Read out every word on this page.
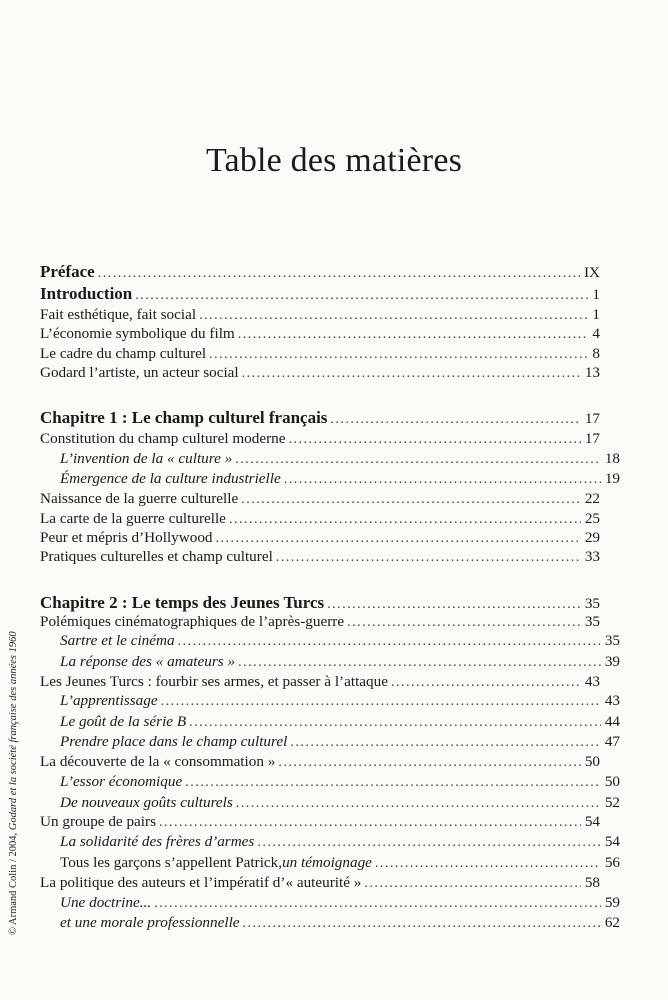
Table des matières
Préface . . .	IX
Introduction . . .	1
Fait esthétique, fait social . . .	1
L’économie symbolique du film . . .	4
Le cadre du champ culturel . . .	8
Godard l’artiste, un acteur social . . .	13
Chapitre 1 : Le champ culturel français . . .	17
Constitution du champ culturel moderne . . .	17
L’invention de la « culture » . . .	18
Émergence de la culture industrielle . . .	19
Naissance de la guerre culturelle . . .	22
La carte de la guerre culturelle . . .	25
Peur et mépris d’Hollywood . . .	29
Pratiques culturelles et champ culturel . . .	33
Chapitre 2 : Le temps des Jeunes Turcs . . .	35
Polémiques cinématographiques de l’après-guerre . . .	35
Sartre et le cinéma . . .	35
La réponse des « amateurs » . . .	39
Les Jeunes Turcs : fourbir ses armes, et passer à l’attaque . . .	43
L’apprentissage . . .	43
Le goût de la série B . . .	44
Prendre place dans le champ culturel . . .	47
La découverte de la « consommation » . . .	50
L’essor économique . . .	50
De nouveaux goûts culturels . . .	52
Un groupe de pairs . . .	54
La solidarité des frères d’armes . . .	54
Tous les garçons s’appellent Patrick, un témoignage . . .	56
La politique des auteurs et l’impératif d’« auteurité » . . .	58
Une doctrine... . . .	59
et une morale professionnelle . . .	62
© Armand Colin / 2004, Godard et la société française des années 1960
